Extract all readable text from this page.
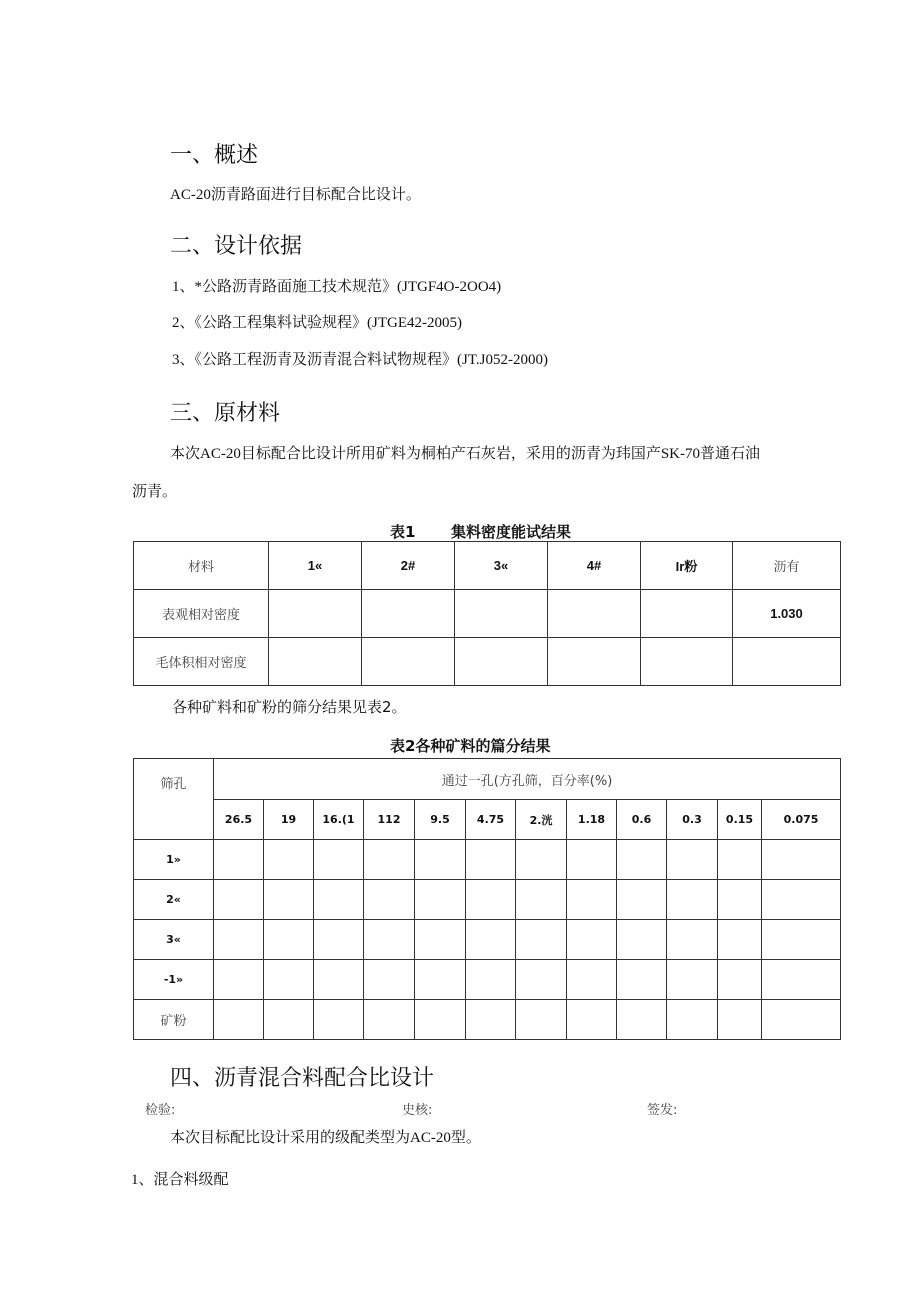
一、概述
AC-20沥青路面进行目标配合比设计。
二、设计依据
1、*公路沥青路面施工技术规范》(JTGF4O-2OO4)
2、《公路工程集料试验规程》(JTGE42-2005)
3、《公路工程沥青及沥青混合料试物规程》(JT.J052-2000)
三、原材料
本次AC-20目标配合比设计所用矿料为桐柏产石灰岩，采用的沥青为玮国产SK-70普通石油
沥青。
表1 集料密度能试结果
材料	1«	2#	3«	4#	Ir粉	沥有
表观相对密度						1.030
毛体积相对密度						
各种矿料和矿粉的筛分结果见表2。
表2各种矿料的篇分结果
筛孔	通过一孔(方孔筛，百分率(%)											
	26.5	19	16.(1	112	9.5	4.75	2.洸	1.18	0.6	0.3	0.15	0.075
1»												
2«												
3«												
-1»												
矿粉												
四、沥青混合料配合比设计
检验:	史核:	签发:
本次目标配比设计采用的级配类型为AC-20型。
1、混合料级配
